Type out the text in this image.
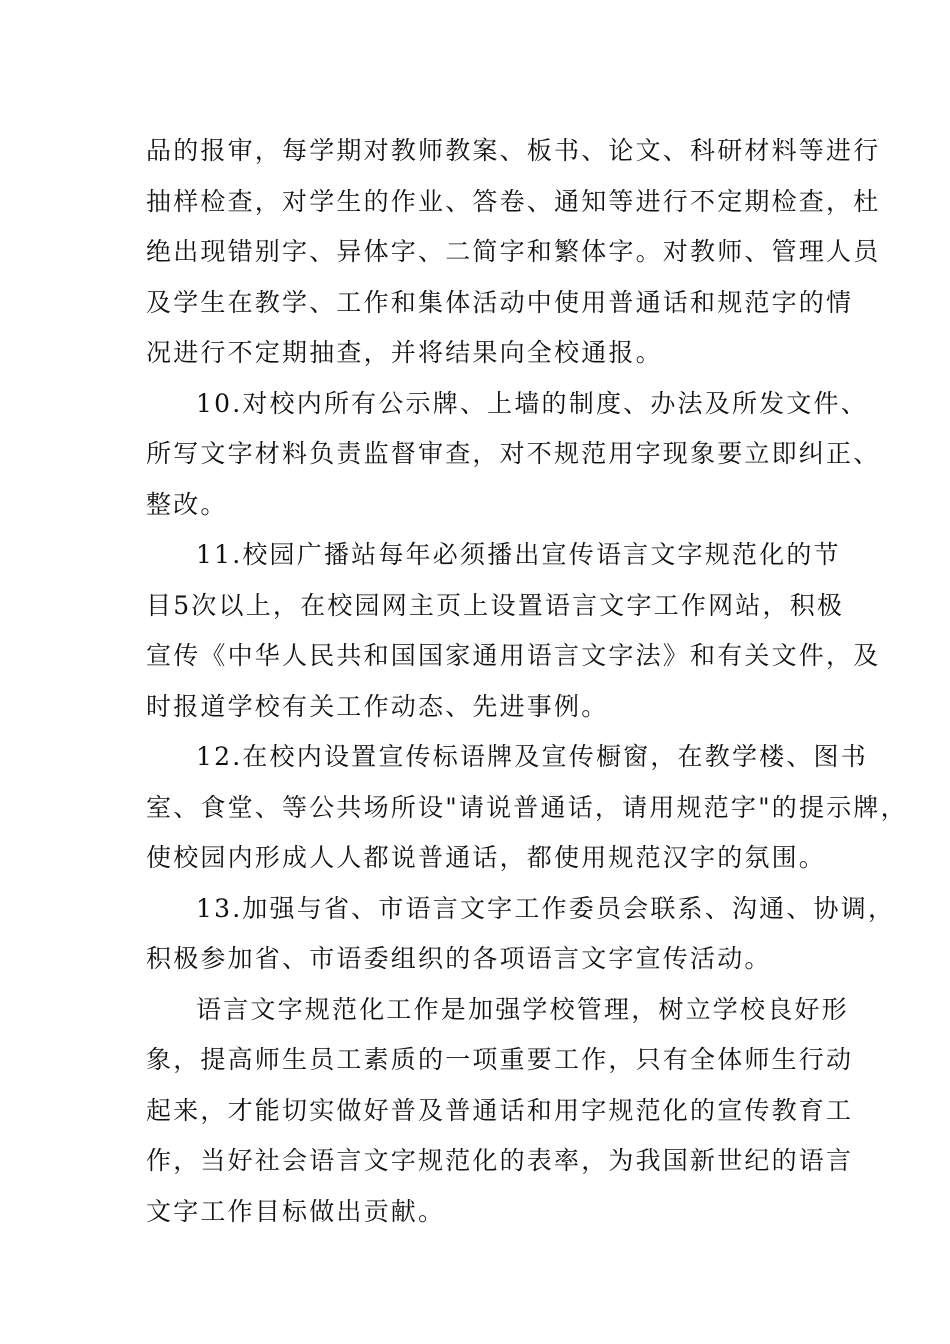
品的报审，每学期对教师教案、板书、论文、科研材料等进行
抽样检查，对学生的作业、答卷、通知等进行不定期检查，杜
绝出现错别字、异体字、二简字和繁体字。对教师、管理人员
及学生在教学、工作和集体活动中使用普通话和规范字的情
况进行不定期抽查，并将结果向全校通报。
10.对校内所有公示牌、上墙的制度、办法及所发文件、
所写文字材料负责监督审查，对不规范用字现象要立即纠正、
整改。
11.校园广播站每年必须播出宣传语言文字规范化的节
目5次以上，在校园网主页上设置语言文字工作网站，积极
宣传《中华人民共和国国家通用语言文字法》和有关文件，及
时报道学校有关工作动态、先进事例。
12.在校内设置宣传标语牌及宣传橱窗，在教学楼、图书
室、食堂、等公共场所设"请说普通话，请用规范字"的提示牌，
使校园内形成人人都说普通话，都使用规范汉字的氛围。
13.加强与省、市语言文字工作委员会联系、沟通、协调，
积极参加省、市语委组织的各项语言文字宣传活动。
语言文字规范化工作是加强学校管理，树立学校良好形
象，提高师生员工素质的一项重要工作，只有全体师生行动
起来，才能切实做好普及普通话和用字规范化的宣传教育工
作，当好社会语言文字规范化的表率，为我国新世纪的语言
文字工作目标做出贡献。
